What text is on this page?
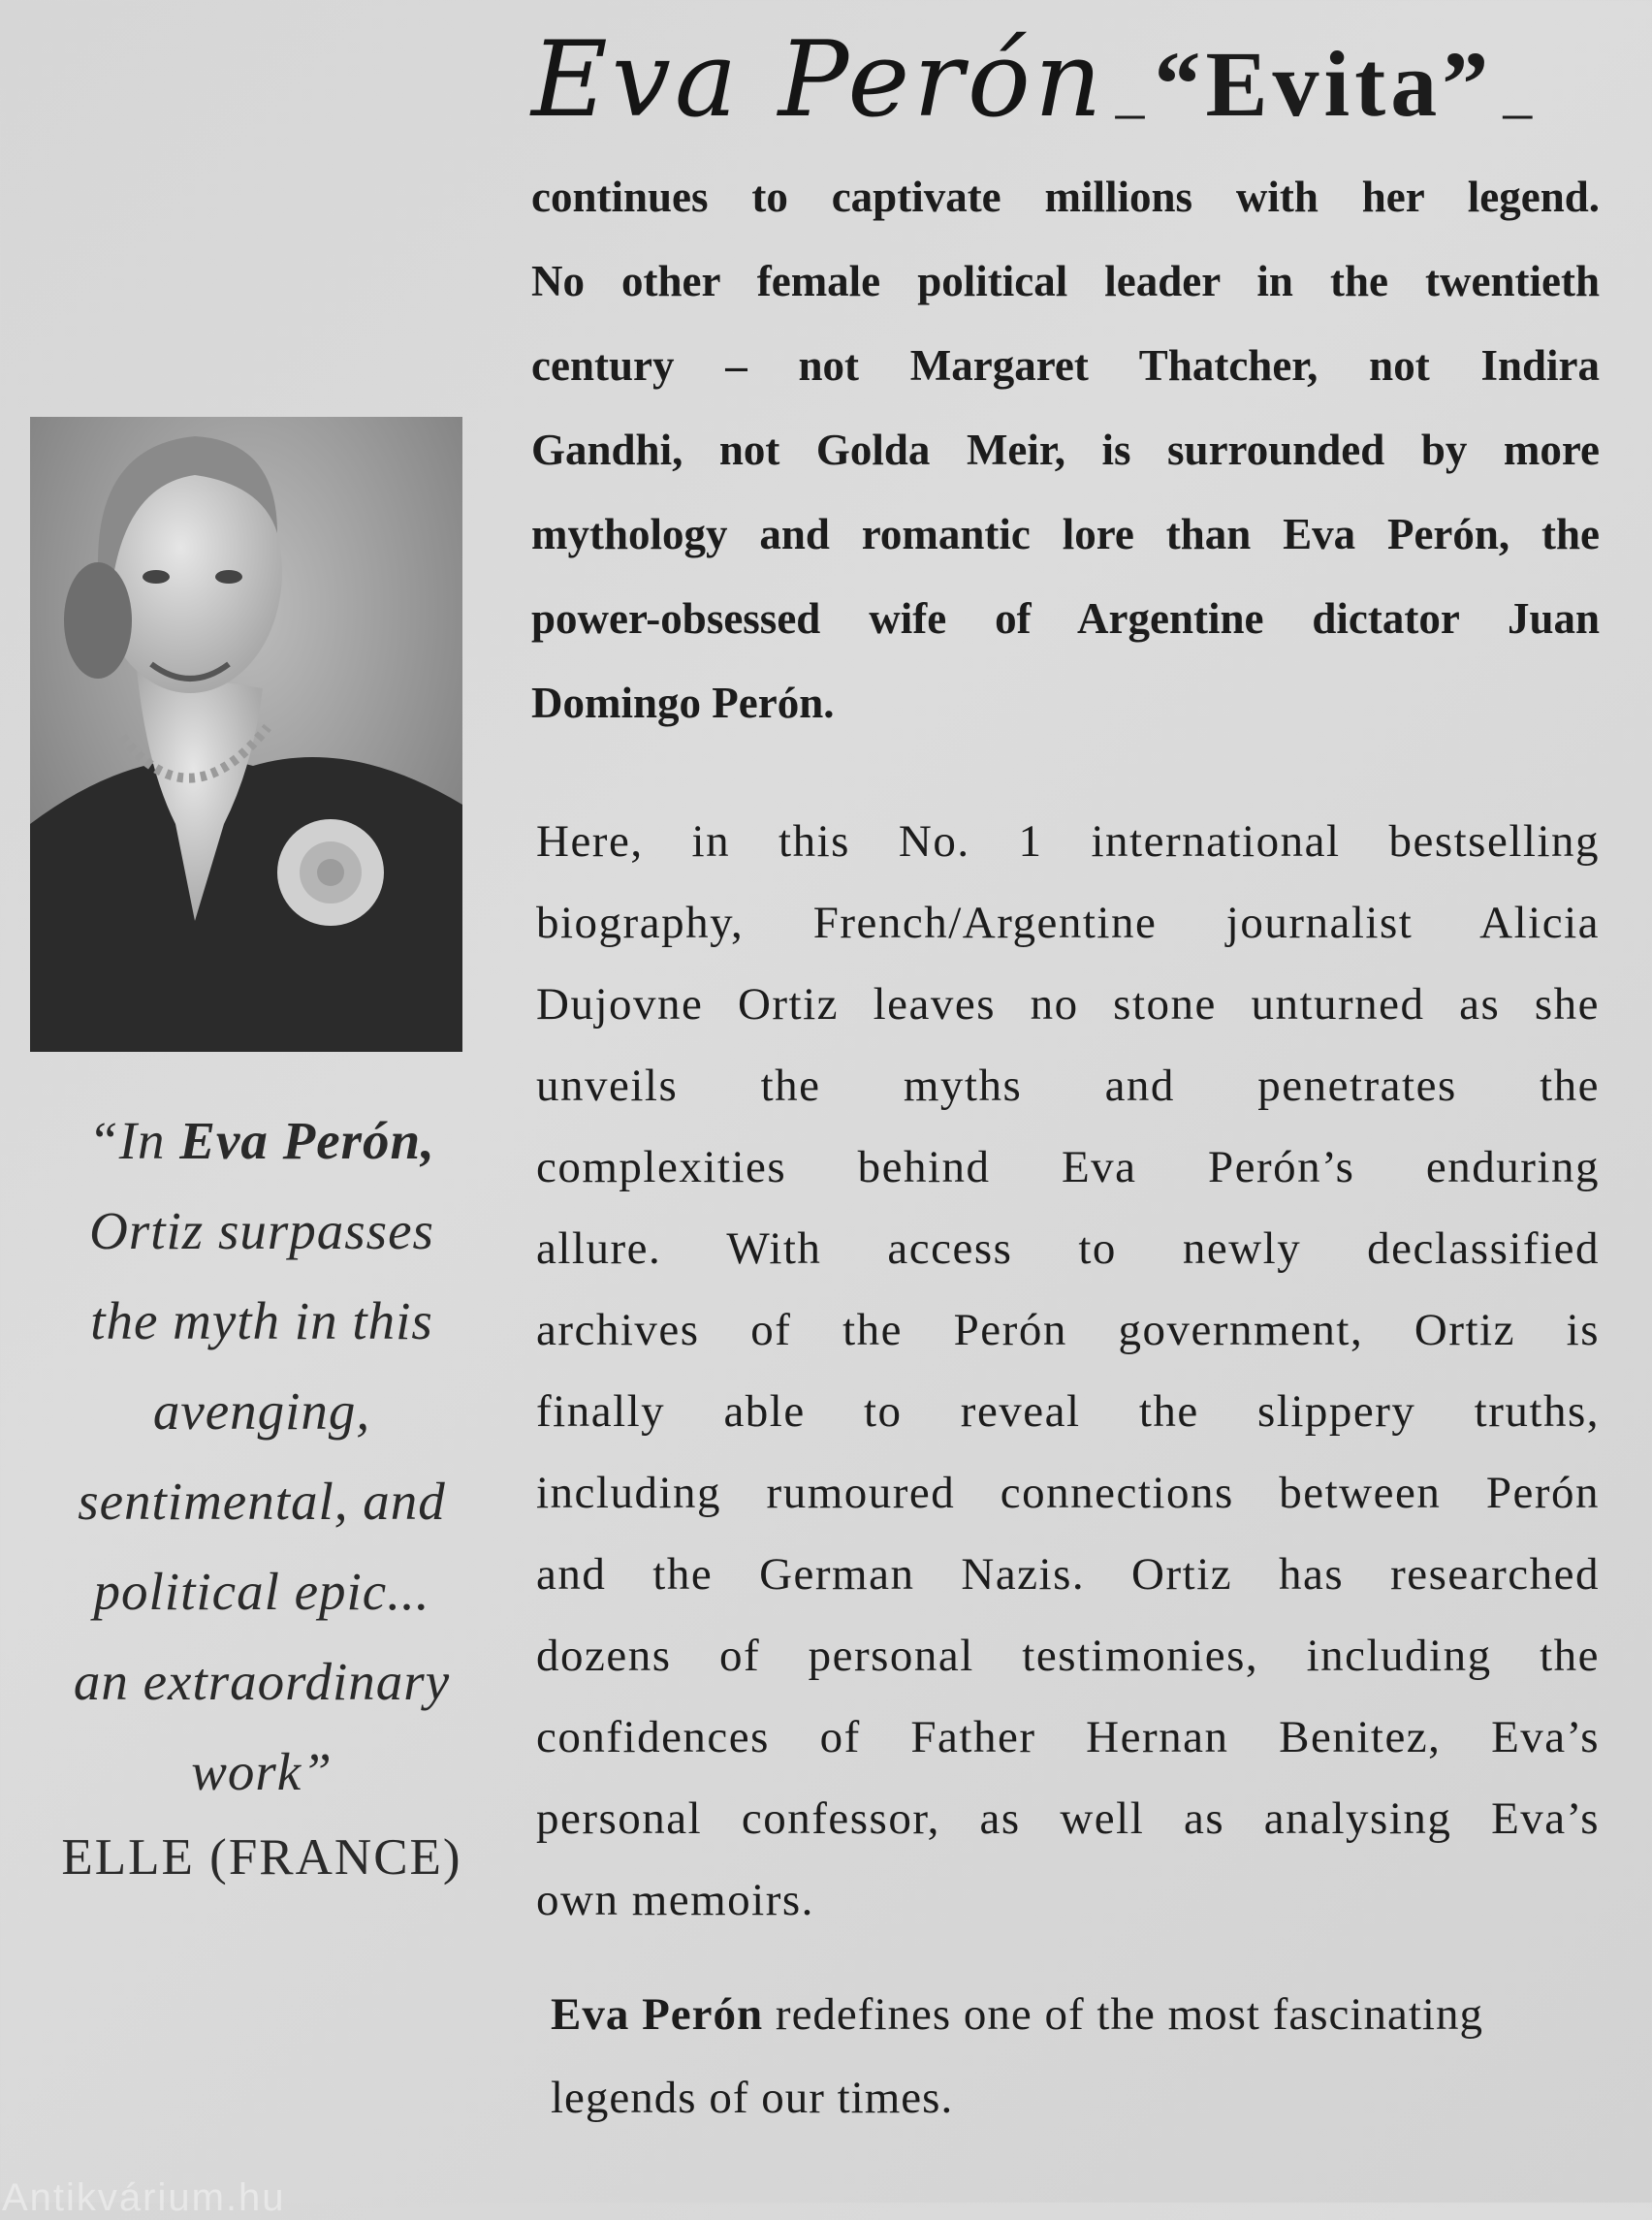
“In Eva Perón,
Ortiz surpasses
the myth in this
avenging,
sentimental, and
political epic...
an extraordinary
work”
ELLE (FRANCE)
Eva Perón – “Evita” –
continues to captivate millions with her legend.
No other female political leader in the twentieth
century – not Margaret Thatcher, not Indira
Gandhi, not Golda Meir, is surrounded by more
mythology and romantic lore than Eva Perón, the
power-obsessed wife of Argentine dictator Juan
Domingo Perón.
Here, in this No. 1 international bestselling
biography, French/Argentine journalist Alicia
Dujovne Ortiz leaves no stone unturned as she
unveils the myths and penetrates the
complexities behind Eva Perón’s enduring
allure. With access to newly declassified
archives of the Perón government, Ortiz is
finally able to reveal the slippery truths,
including rumoured connections between Perón
and the German Nazis. Ortiz has researched
dozens of personal testimonies, including the
confidences of Father Hernan Benitez, Eva’s
personal confessor, as well as analysing Eva’s
own memoirs.
Eva Perón redefines one of the most fascinating
legends of our times.
Antikvárium.hu
